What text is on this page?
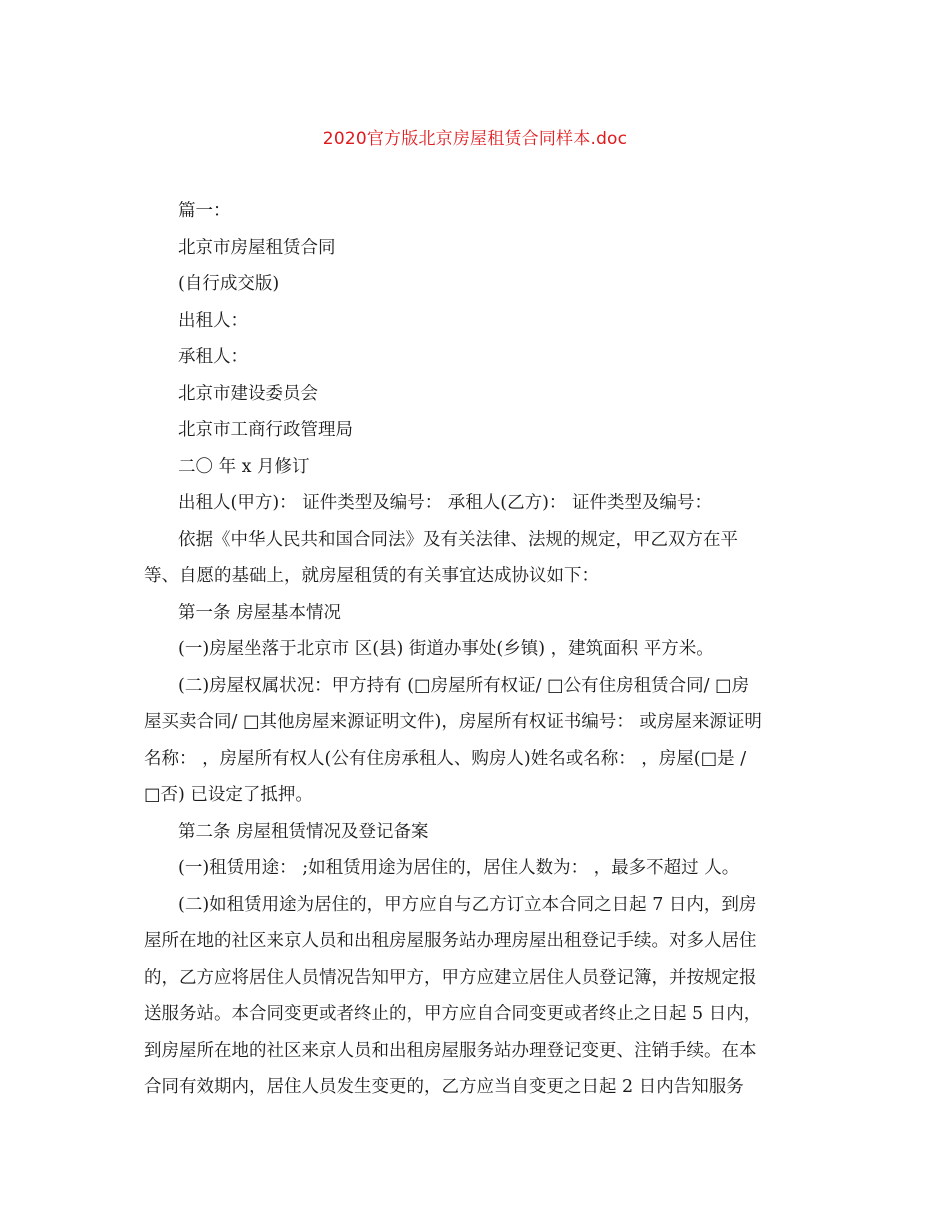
2020官方版北京房屋租赁合同样本.doc
篇一：
北京市房屋租赁合同
(自行成交版)
出租人：
承租人：
北京市建设委员会
北京市工商行政管理局
二〇 年 x 月修订
出租人(甲方)： 证件类型及编号： 承租人(乙方)： 证件类型及编号：
依据《中华人民共和国合同法》及有关法律、法规的规定，甲乙双方在平
等、自愿的基础上，就房屋租赁的有关事宜达成协议如下：
第一条 房屋基本情况
(一)房屋坐落于北京市 区(县) 街道办事处(乡镇) ，建筑面积 平方米。
(二)房屋权属状况：甲方持有 (□房屋所有权证/ □公有住房租赁合同/ □房
屋买卖合同/ □其他房屋来源证明文件)，房屋所有权证书编号： 或房屋来源证明
名称： ，房屋所有权人(公有住房承租人、购房人)姓名或名称： ，房屋(□是 /
□否) 已设定了抵押。
第二条 房屋租赁情况及登记备案
(一)租赁用途： ;如租赁用途为居住的，居住人数为： ，最多不超过 人。
(二)如租赁用途为居住的，甲方应自与乙方订立本合同之日起 7 日内，到房
屋所在地的社区来京人员和出租房屋服务站办理房屋出租登记手续。对多人居住
的，乙方应将居住人员情况告知甲方，甲方应建立居住人员登记簿，并按规定报
送服务站。本合同变更或者终止的，甲方应自合同变更或者终止之日起 5 日内，
到房屋所在地的社区来京人员和出租房屋服务站办理登记变更、注销手续。在本
合同有效期内，居住人员发生变更的，乙方应当自变更之日起 2 日内告知服务
